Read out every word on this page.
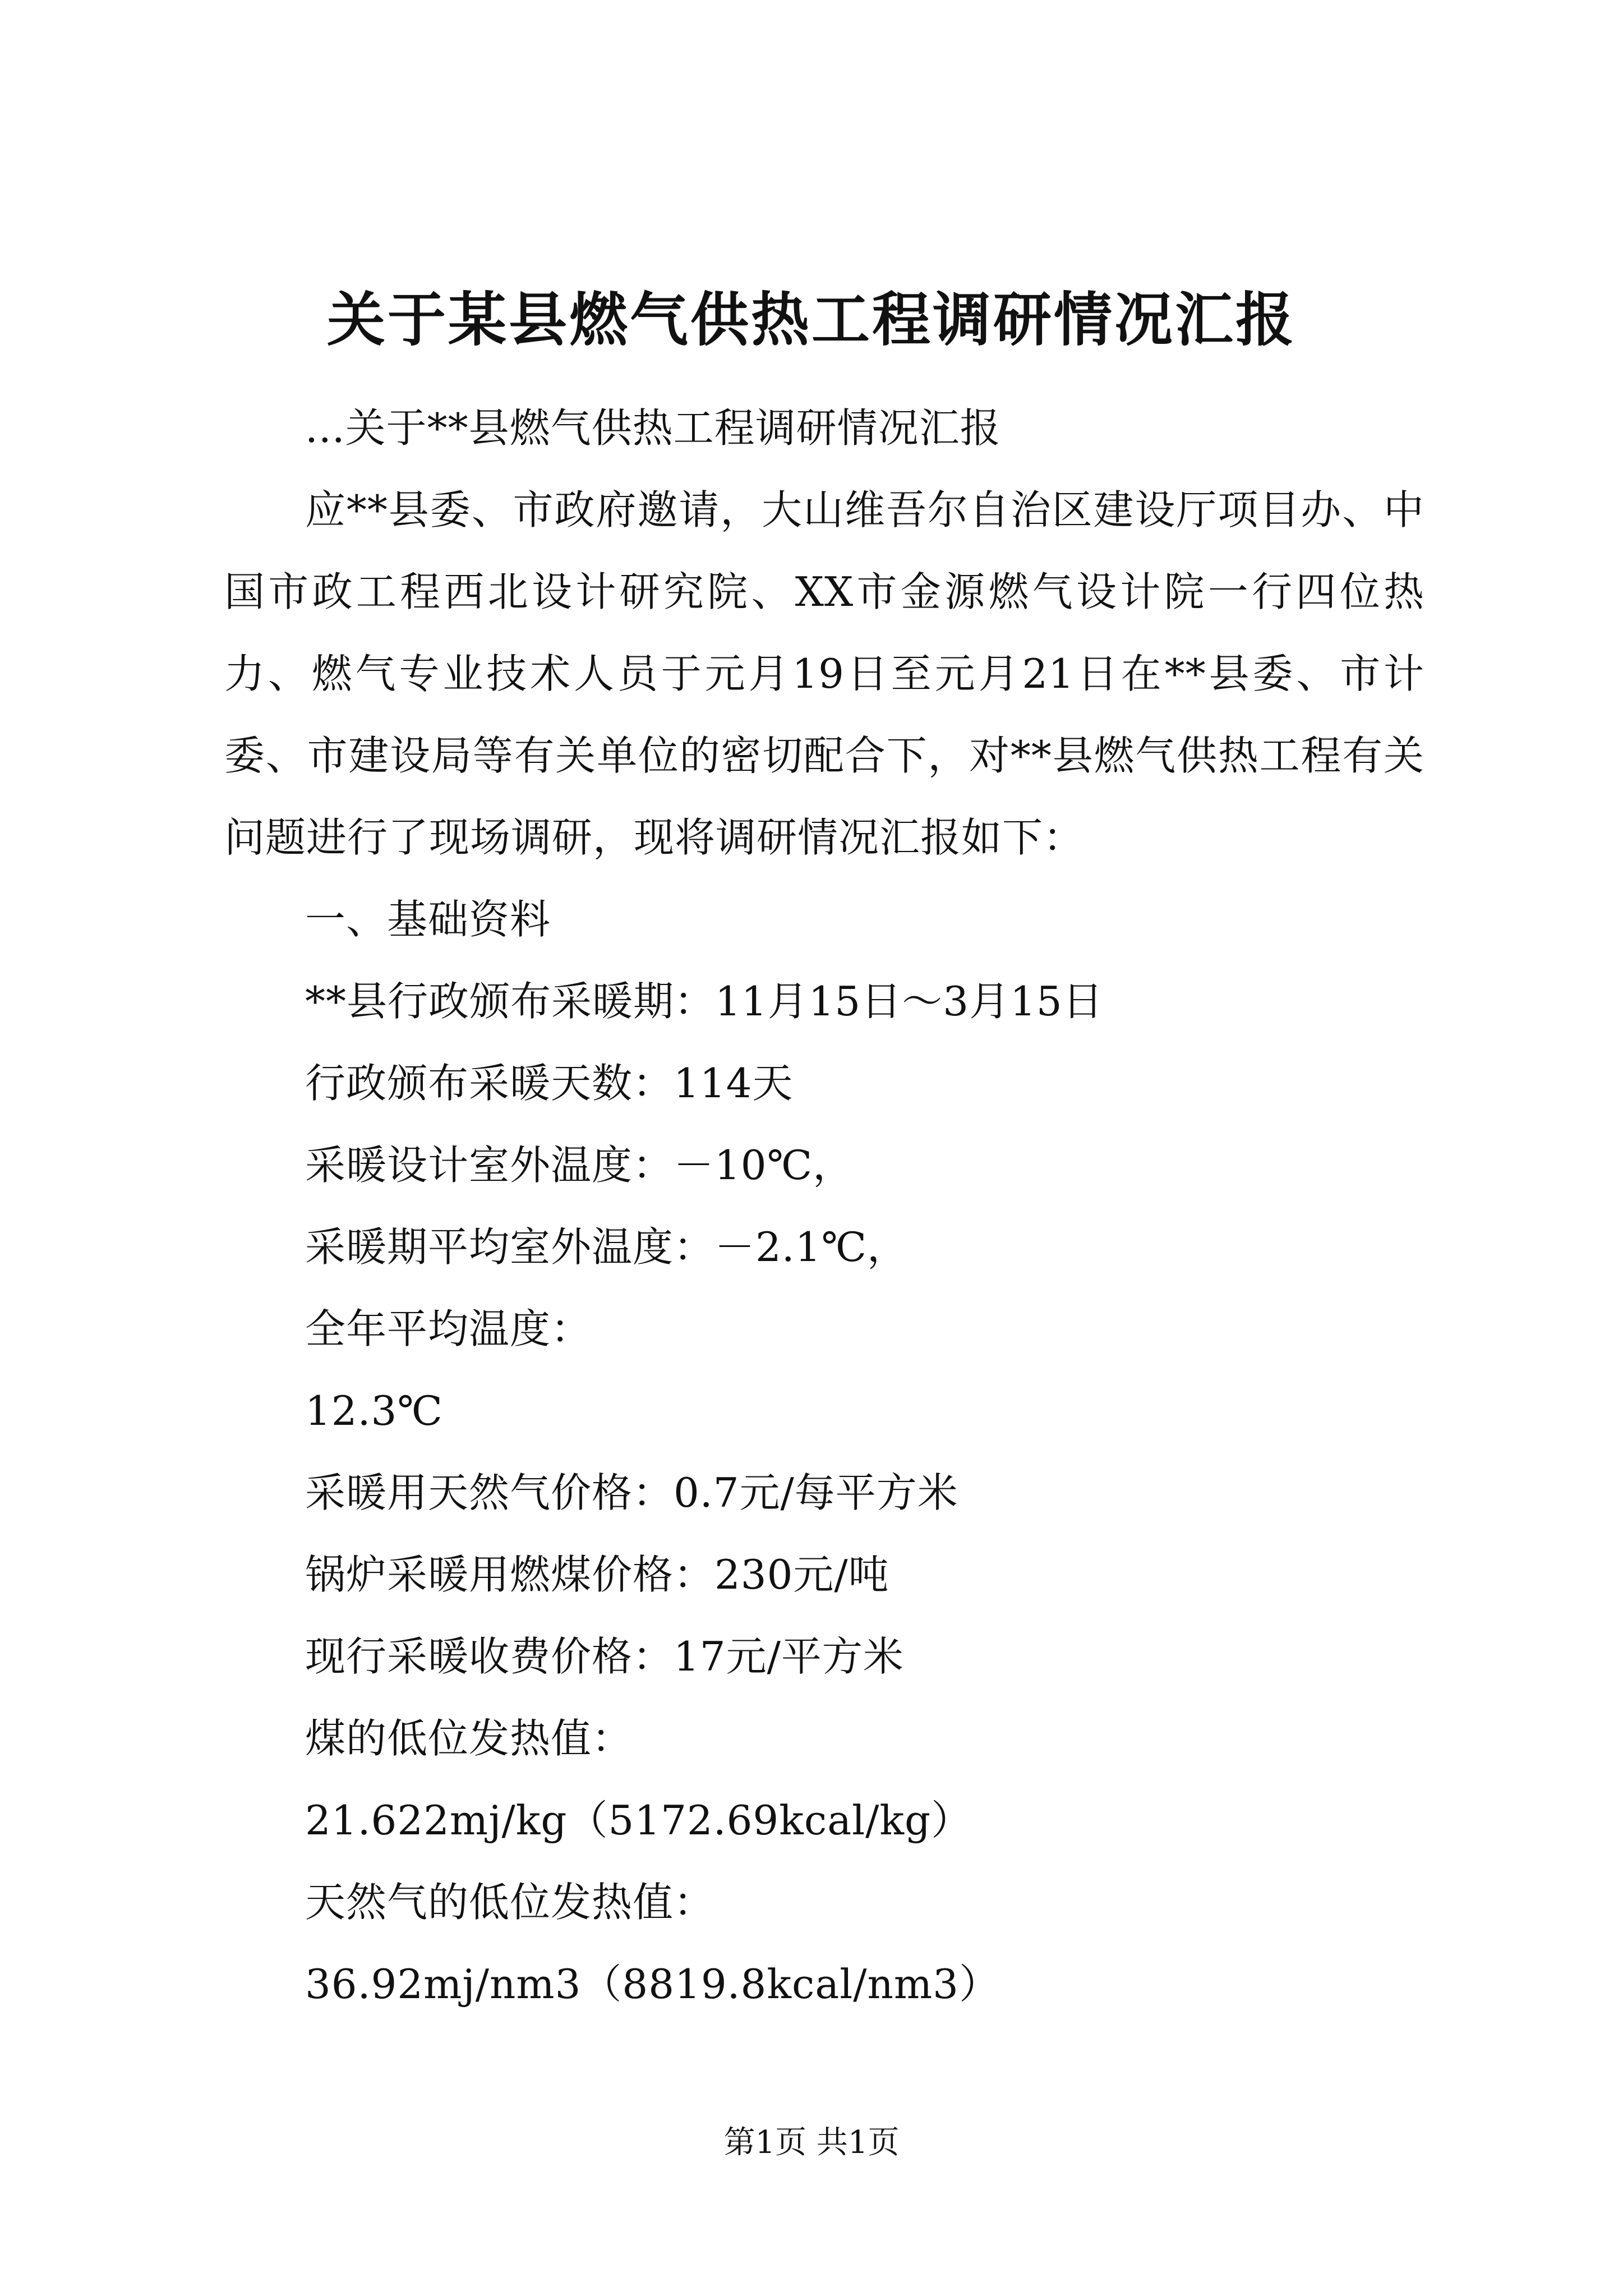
关于某县燃气供热工程调研情况汇报

...关于**县燃气供热工程调研情况汇报

应**县委、市政府邀请，大山维吾尔自治区建设厅项目办、中国市政工程西北设计研究院、XX市金源燃气设计院一行四位热力、燃气专业技术人员于元月19日至元月21日在**县委、市计委、市建设局等有关单位的密切配合下，对**县燃气供热工程有关问题进行了现场调研，现将调研情况汇报如下：

一、基础资料

**县行政颁布采暖期：11月15日～3月15日

行政颁布采暖天数：114天

采暖设计室外温度：－10℃，

采暖期平均室外温度：－2.1℃，

全年平均温度：

12.3℃

采暖用天然气价格：0.7元/每平方米

锅炉采暖用燃煤价格：230元/吨

现行采暖收费价格：17元/平方米

煤的低位发热值：

21.622mj/kg（5172.69kcal/kg）

天然气的低位发热值：

36.92mj/nm3（8819.8kcal/nm3）

第1页 共1页
